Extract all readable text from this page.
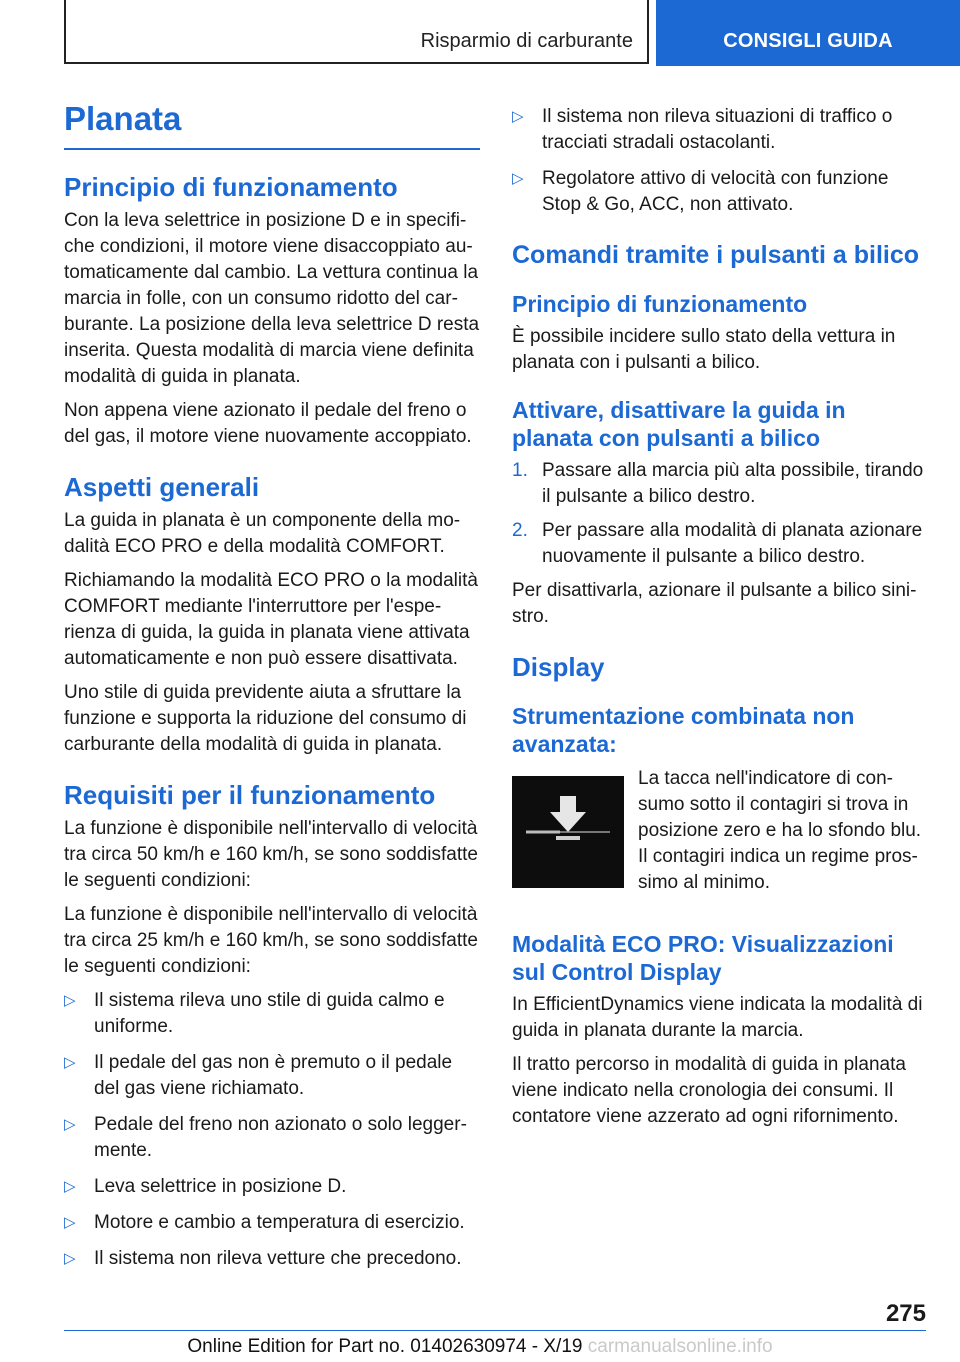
Risparmio di carburante	CONSIGLI GUIDA
Planata
Principio di funzionamento
Con la leva selettrice in posizione D e in specifiche condizioni, il motore viene disaccoppiato automaticamente dal cambio. La vettura continua la marcia in folle, con un consumo ridotto del carburante. La posizione della leva selettrice D resta inserita. Questa modalità di marcia viene definita modalità di guida in planata.
Non appena viene azionato il pedale del freno o del gas, il motore viene nuovamente accoppiato.
Aspetti generali
La guida in planata è un componente della modalità ECO PRO e della modalità COMFORT.
Richiamando la modalità ECO PRO o la modalità COMFORT mediante l'interruttore per l'esperienza di guida, la guida in planata viene attivata automaticamente e non può essere disattivata.
Uno stile di guida previdente aiuta a sfruttare la funzione e supporta la riduzione del consumo di carburante della modalità di guida in planata.
Requisiti per il funzionamento
La funzione è disponibile nell'intervallo di velocità tra circa 50 km/h e 160 km/h, se sono soddisfatte le seguenti condizioni:
La funzione è disponibile nell'intervallo di velocità tra circa 25 km/h e 160 km/h, se sono soddisfatte le seguenti condizioni:
▷ Il sistema rileva uno stile di guida calmo e uniforme.
▷ Il pedale del gas non è premuto o il pedale del gas viene richiamato.
▷ Pedale del freno non azionato o solo leggermente.
▷ Leva selettrice in posizione D.
▷ Motore e cambio a temperatura di esercizio.
▷ Il sistema non rileva vetture che precedono.
▷ Il sistema non rileva situazioni di traffico o tracciati stradali ostacolanti.
▷ Regolatore attivo di velocità con funzione Stop & Go, ACC, non attivato.
Comandi tramite i pulsanti a bilico
Principio di funzionamento
È possibile incidere sullo stato della vettura in planata con i pulsanti a bilico.
Attivare, disattivare la guida in planata con pulsanti a bilico
1. Passare alla marcia più alta possibile, tirando il pulsante a bilico destro.
2. Per passare alla modalità di planata azionare nuovamente il pulsante a bilico destro.
Per disattivarla, azionare il pulsante a bilico sinistro.
Display
Strumentazione combinata non avanzata:
La tacca nell'indicatore di consumo sotto il contagiri si trova in posizione zero e ha lo sfondo blu. Il contagiri indica un regime prossimo al minimo.
Modalità ECO PRO: Visualizzazioni sul Control Display
In EfficientDynamics viene indicata la modalità di guida in planata durante la marcia.
Il tratto percorso in modalità di guida in planata viene indicato nella cronologia dei consumi. Il contatore viene azzerato ad ogni rifornimento.
275
Online Edition for Part no. 01402630974 - X/19 carmanualsonline.info
